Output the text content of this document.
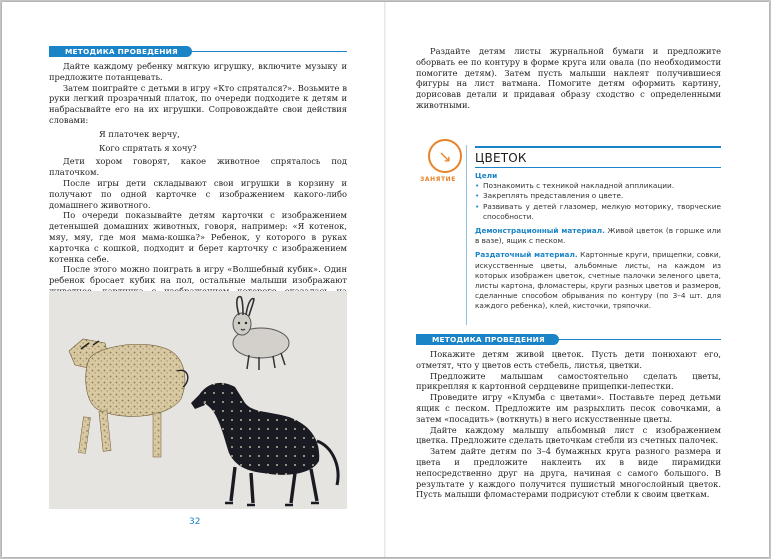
МЕТОДИКА ПРОВЕДЕНИЯ

Дайте каждому ребенку мягкую игрушку, включите музыку и предложите потанцевать.

Затем поиграйте с детьми в игру «Кто спрятался?». Возьмите в руки легкий прозрачный платок, по очереди подходите к детям и набрасывайте его на их игрушки. Сопровождайте свои действия словами:

Я платочек верчу,

Кого спрятать я хочу?

Дети хором говорят, какое животное спряталось под платочком.

После игры дети складывают свои игрушки в корзину и получают по одной карточке с изображением какого-либо домашнего животного.

По очереди показывайте детям карточки с изображением детенышей домашних животных, говоря, например: «Я котенок, мяу, мяу, где моя мама-кошка?» Ребенок, у которого в руках карточка с кошкой, подходит и берет карточку с изображением котенка себе.

После этого можно поиграть в игру «Волшебный кубик». Один ребенок бросает кубик на пол, остальные малыши изображают

32

Раздайте детям листы журнальной бумаги и предложите оборвать ее по контуру в форме круга или овала (по необходимости помогите детям). Затем пусть малыши наклеят получившиеся фигуры на лист ватмана. Помогите детям оформить картину, дорисовав детали и придавая образу сходство с определенными животными.

↘
ЗАНЯТИЕ
ЦВЕТОК

Цели

• Познакомить с техникой накладной аппликации.
• Закреплять представления о цвете.
• Развивать у детей глазомер, мелкую моторику, творческие способности.

Демонстрационный материал. Живой цветок (в горшке или в вазе), ящик с песком.

Раздаточный материал. Картонные круги, прищепки, совки, искусственные цветы, альбомные листы, на каждом из которых изображен цветок, счетные палочки зеленого цвета, листы картона, фломастеры, круги разных цветов и размеров, сделанные способом обрывания по контуру (по 3–4 шт. для каждого ребенка), клей, кисточки, тряпочки.

МЕТОДИКА ПРОВЕДЕНИЯ

Покажите детям живой цветок. Пусть дети понюхают его, отметят, что у цветов есть стебель, листья, цветки.

Предложите малышам самостоятельно сделать цветы, прикрепляя к картонной сердцевине прищепки-лепестки.

Проведите игру «Клумба с цветами». Поставьте перед детьми ящик с песком. Предложите им разрыхлить песок совочками, а затем «посадить» (воткнуть) в него искусственные цветы.

Дайте каждому малышу альбомный лист с изображением цветка. Предложите сделать цветочкам стебли из счетных палочек.

Затем дайте детям по 3–4 бумажных круга разного размера и цвета и предложите наклеить их в виде пирамидки непосредственно друг на друга, начиная с самого большого. В результате у каждого получится пушистый многослойный цветок. Пусть малыши фломастерами подрисуют стебли к своим цветкам.
